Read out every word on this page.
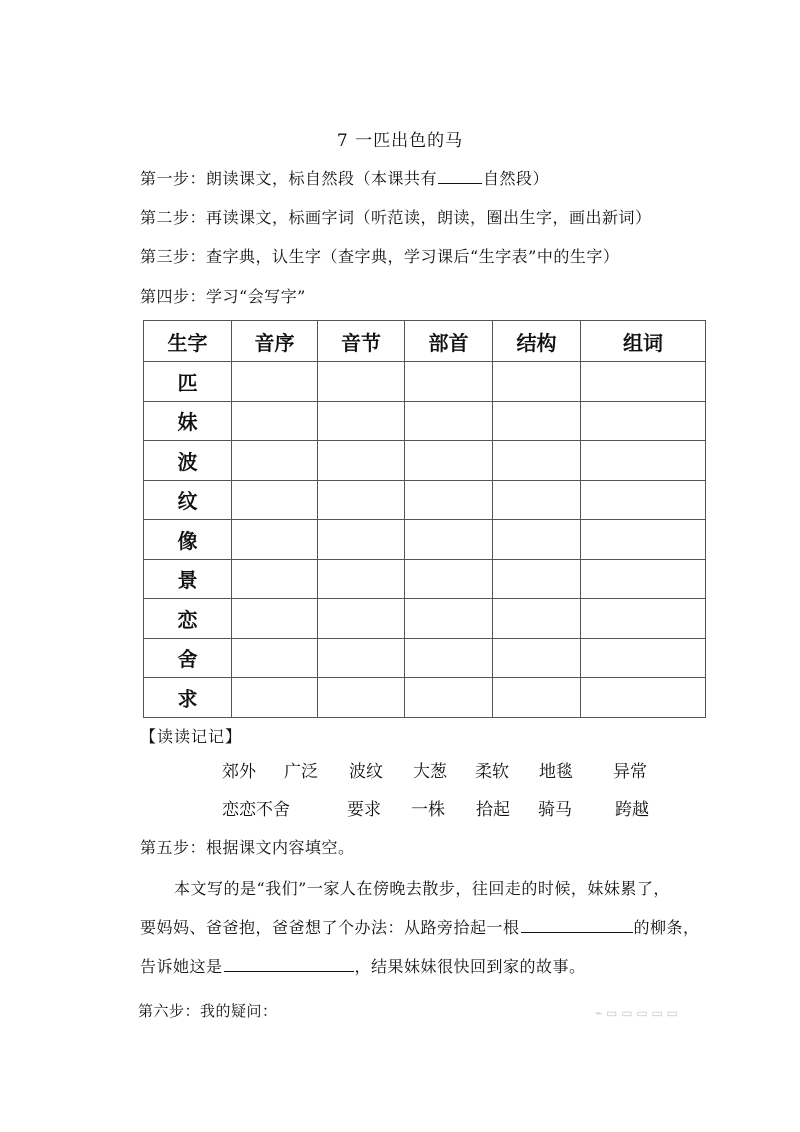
7 一匹出色的马
第一步：朗读课文，标自然段（本课共有	自然段）
第二步：再读课文，标画字词（听范读，朗读，圈出生字，画出新词）
第三步：查字典，认生字（查字典，学习课后“生字表”中的生字）
第四步：学习“会写字”
生字	音序	音节	部首	结构	组词
匹					
妹					
波					
纹					
像					
景					
恋					
舍					
求					
【读读记记】
郊外 广泛 波纹 大葱 柔软 地毯 异常
恋恋不舍	要求 一株 拾起 骑马	跨越
第五步：根据课文内容填空。
本文写的是“我们”一家人在傍晚去散步，往回走的时候，妹妹累了，
要妈妈、爸爸抱，爸爸想了个办法：从路旁拾起一根	的柳条，
告诉她这是	，结果妹妹很快回到家的故事。
第六步：我的疑问：	⌁ ▭ ▭ ▭ ▭ ▭
